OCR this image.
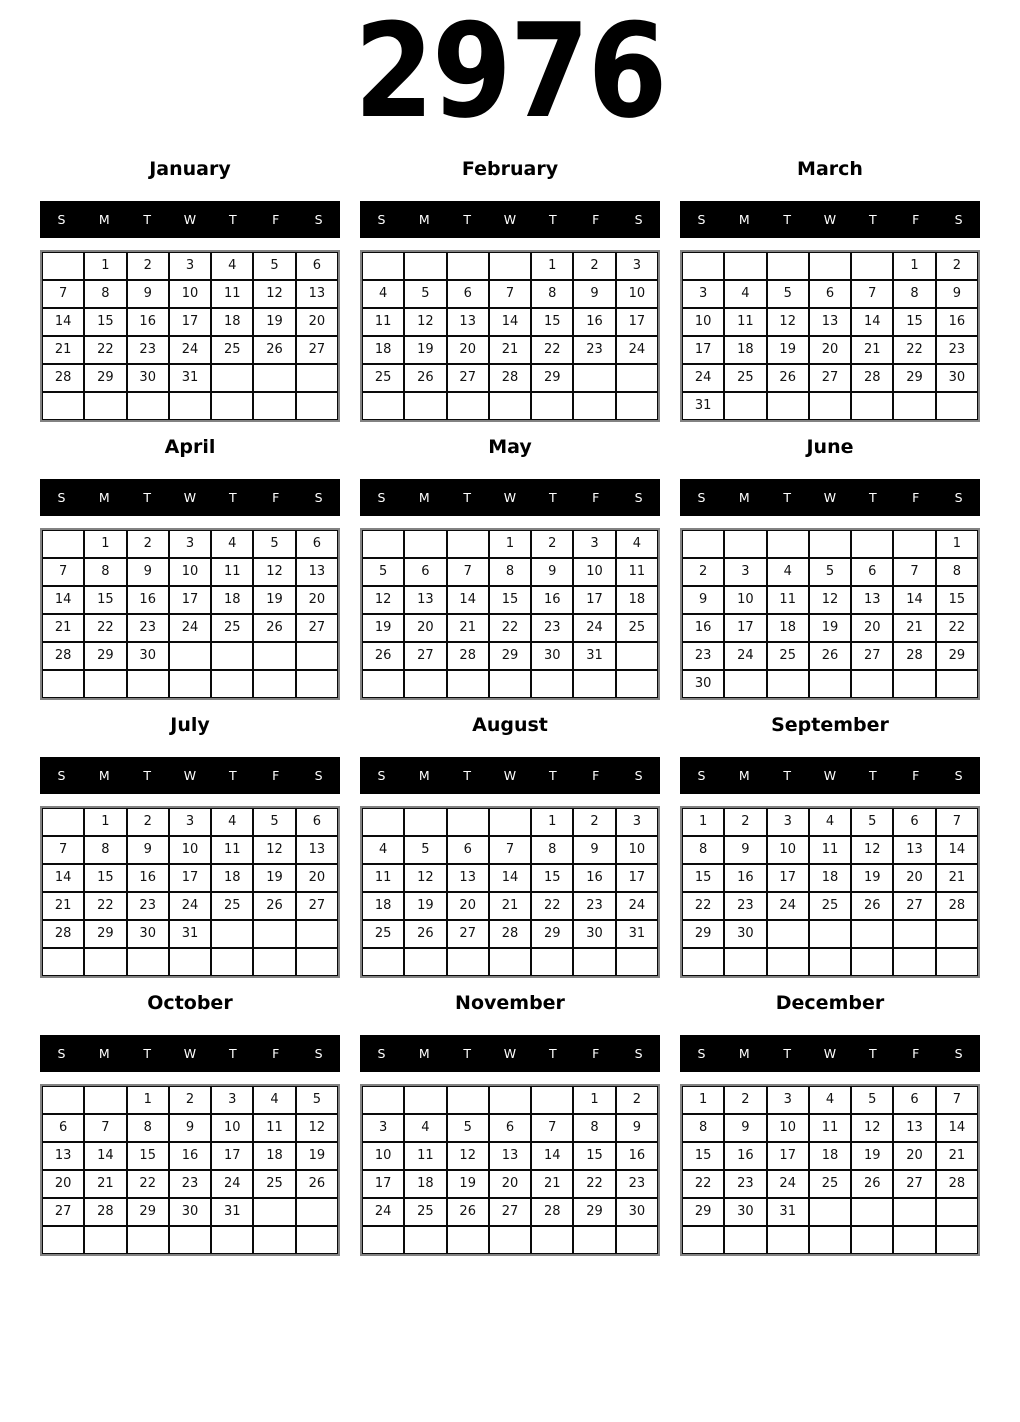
2976
January
S	M	T	W	T	F	S
	1	2	3	4	5	6
7	8	9	10	11	12	13
14	15	16	17	18	19	20
21	22	23	24	25	26	27
28	29	30	31			

February
S	M	T	W	T	F	S
				1	2	3
4	5	6	7	8	9	10
11	12	13	14	15	16	17
18	19	20	21	22	23	24
25	26	27	28	29		

March
S	M	T	W	T	F	S
					1	2
3	4	5	6	7	8	9
10	11	12	13	14	15	16
17	18	19	20	21	22	23
24	25	26	27	28	29	30
31						
April
S	M	T	W	T	F	S
	1	2	3	4	5	6
7	8	9	10	11	12	13
14	15	16	17	18	19	20
21	22	23	24	25	26	27
28	29	30				

May
S	M	T	W	T	F	S
			1	2	3	4
5	6	7	8	9	10	11
12	13	14	15	16	17	18
19	20	21	22	23	24	25
26	27	28	29	30	31	

June
S	M	T	W	T	F	S
						1
2	3	4	5	6	7	8
9	10	11	12	13	14	15
16	17	18	19	20	21	22
23	24	25	26	27	28	29
30						
July
S	M	T	W	T	F	S
	1	2	3	4	5	6
7	8	9	10	11	12	13
14	15	16	17	18	19	20
21	22	23	24	25	26	27
28	29	30	31			

August
S	M	T	W	T	F	S
				1	2	3
4	5	6	7	8	9	10
11	12	13	14	15	16	17
18	19	20	21	22	23	24
25	26	27	28	29	30	31

September
S	M	T	W	T	F	S
1	2	3	4	5	6	7
8	9	10	11	12	13	14
15	16	17	18	19	20	21
22	23	24	25	26	27	28
29	30					

October
S	M	T	W	T	F	S
		1	2	3	4	5
6	7	8	9	10	11	12
13	14	15	16	17	18	19
20	21	22	23	24	25	26
27	28	29	30	31		

November
S	M	T	W	T	F	S
					1	2
3	4	5	6	7	8	9
10	11	12	13	14	15	16
17	18	19	20	21	22	23
24	25	26	27	28	29	30

December
S	M	T	W	T	F	S
1	2	3	4	5	6	7
8	9	10	11	12	13	14
15	16	17	18	19	20	21
22	23	24	25	26	27	28
29	30	31				
